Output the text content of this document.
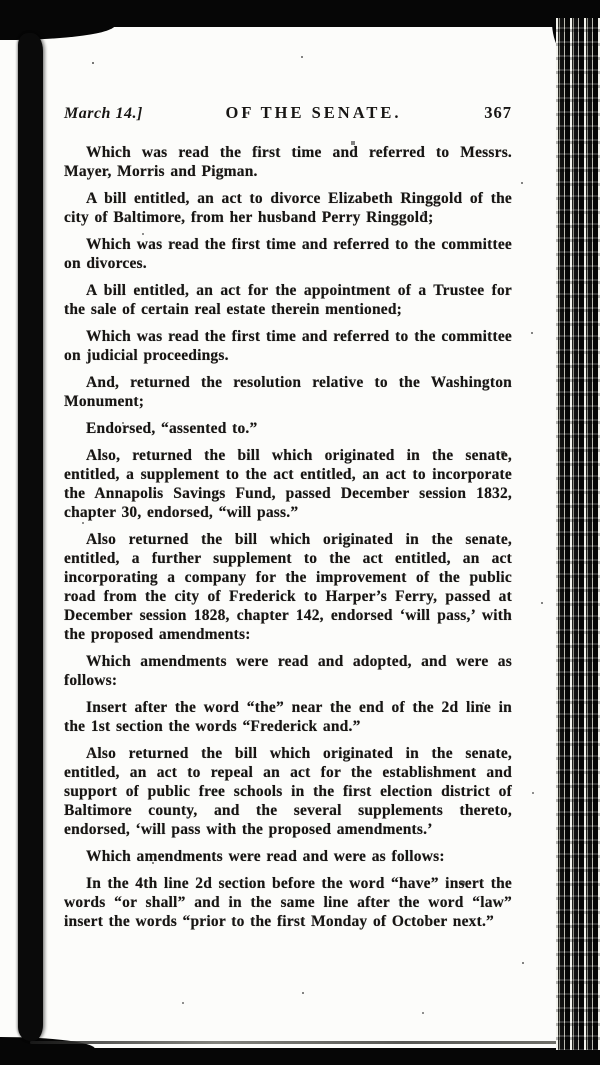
March 14.]	OF THE SENATE.	367

Which was read the first time and referred to Messrs. Mayer, Morris and Pigman.

A bill entitled, an act to divorce Elizabeth Ringgold of the city of Baltimore, from her husband Perry Ringgold;

Which was read the first time and referred to the committee on divorces.

A bill entitled, an act for the appointment of a Trustee for the sale of certain real estate therein mentioned;

Which was read the first time and referred to the committee on judicial proceedings.

And, returned the resolution relative to the Washington Monument;

Endorsed, “assented to.”

Also, returned the bill which originated in the senate, entitled, a supplement to the act entitled, an act to incorporate the Annapolis Savings Fund, passed December session 1832, chapter 30, endorsed, “will pass.”

Also returned the bill which originated in the senate, entitled, a further supplement to the act entitled, an act incorporating a company for the improvement of the public road from the city of Frederick to Harper’s Ferry, passed at December session 1828, chapter 142, endorsed ‘will pass,’ with the proposed amendments:

Which amendments were read and adopted, and were as follows:

Insert after the word “the” near the end of the 2d line in the 1st section the words “Frederick and.”

Also returned the bill which originated in the senate, entitled, an act to repeal an act for the establishment and support of public free schools in the first election district of Baltimore county, and the several supplements thereto, endorsed, ‘will pass with the proposed amendments.’

Which amendments were read and were as follows:

In the 4th line 2d section before the word “have” insert the words “or shall” and in the same line after the word “law” insert the words “prior to the first Monday of October next.”
